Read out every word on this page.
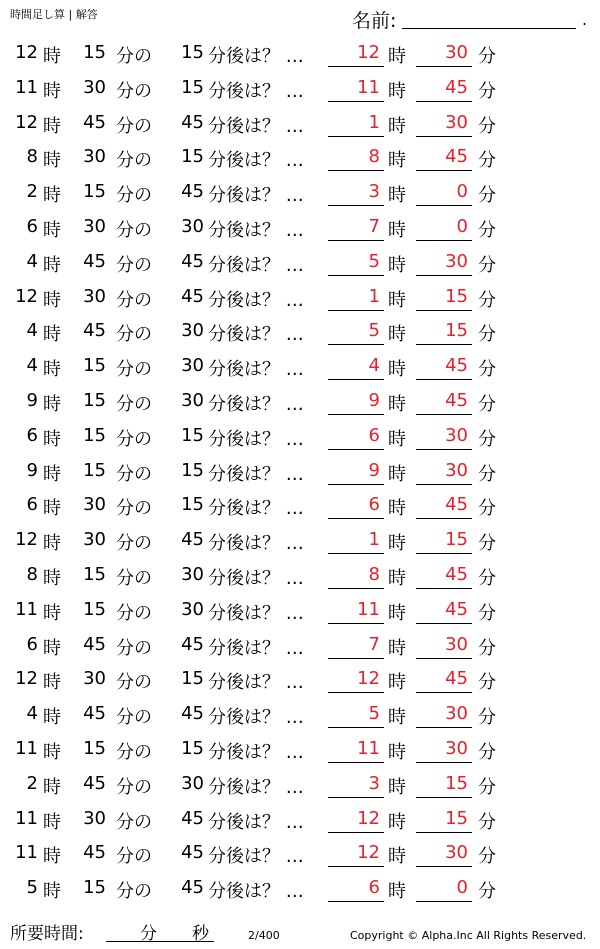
時間足し算 | 解答	名前:	.
12 時	15 分の	15 分後は？ …	12 時	30 分
11 時	30 分の	15 分後は？ …	11 時	45 分
12 時	45 分の	45 分後は？ …	1 時	30 分
8 時	30 分の	15 分後は？ …	8 時	45 分
2 時	15 分の	45 分後は？ …	3 時	0 分
6 時	30 分の	30 分後は？ …	7 時	0 分
4 時	45 分の	45 分後は？ …	5 時	30 分
12 時	30 分の	45 分後は？ …	1 時	15 分
4 時	45 分の	30 分後は？ …	5 時	15 分
4 時	15 分の	30 分後は？ …	4 時	45 分
9 時	15 分の	30 分後は？ …	9 時	45 分
6 時	15 分の	15 分後は？ …	6 時	30 分
9 時	15 分の	15 分後は？ …	9 時	30 分
6 時	30 分の	15 分後は？ …	6 時	45 分
12 時	30 分の	45 分後は？ …	1 時	15 分
8 時	15 分の	30 分後は？ …	8 時	45 分
11 時	15 分の	30 分後は？ …	11 時	45 分
6 時	45 分の	45 分後は？ …	7 時	30 分
12 時	30 分の	15 分後は？ …	12 時	45 分
4 時	45 分の	45 分後は？ …	5 時	30 分
11 時	15 分の	15 分後は？ …	11 時	30 分
2 時	45 分の	30 分後は？ …	3 時	15 分
11 時	30 分の	45 分後は？ …	12 時	15 分
11 時	45 分の	45 分後は？ …	12 時	30 分
5 時	15 分の	45 分後は？ …	6 時	0 分
所要時間:	分 秒	2/400	Copyright © Alpha.Inc All Rights Reserved.
